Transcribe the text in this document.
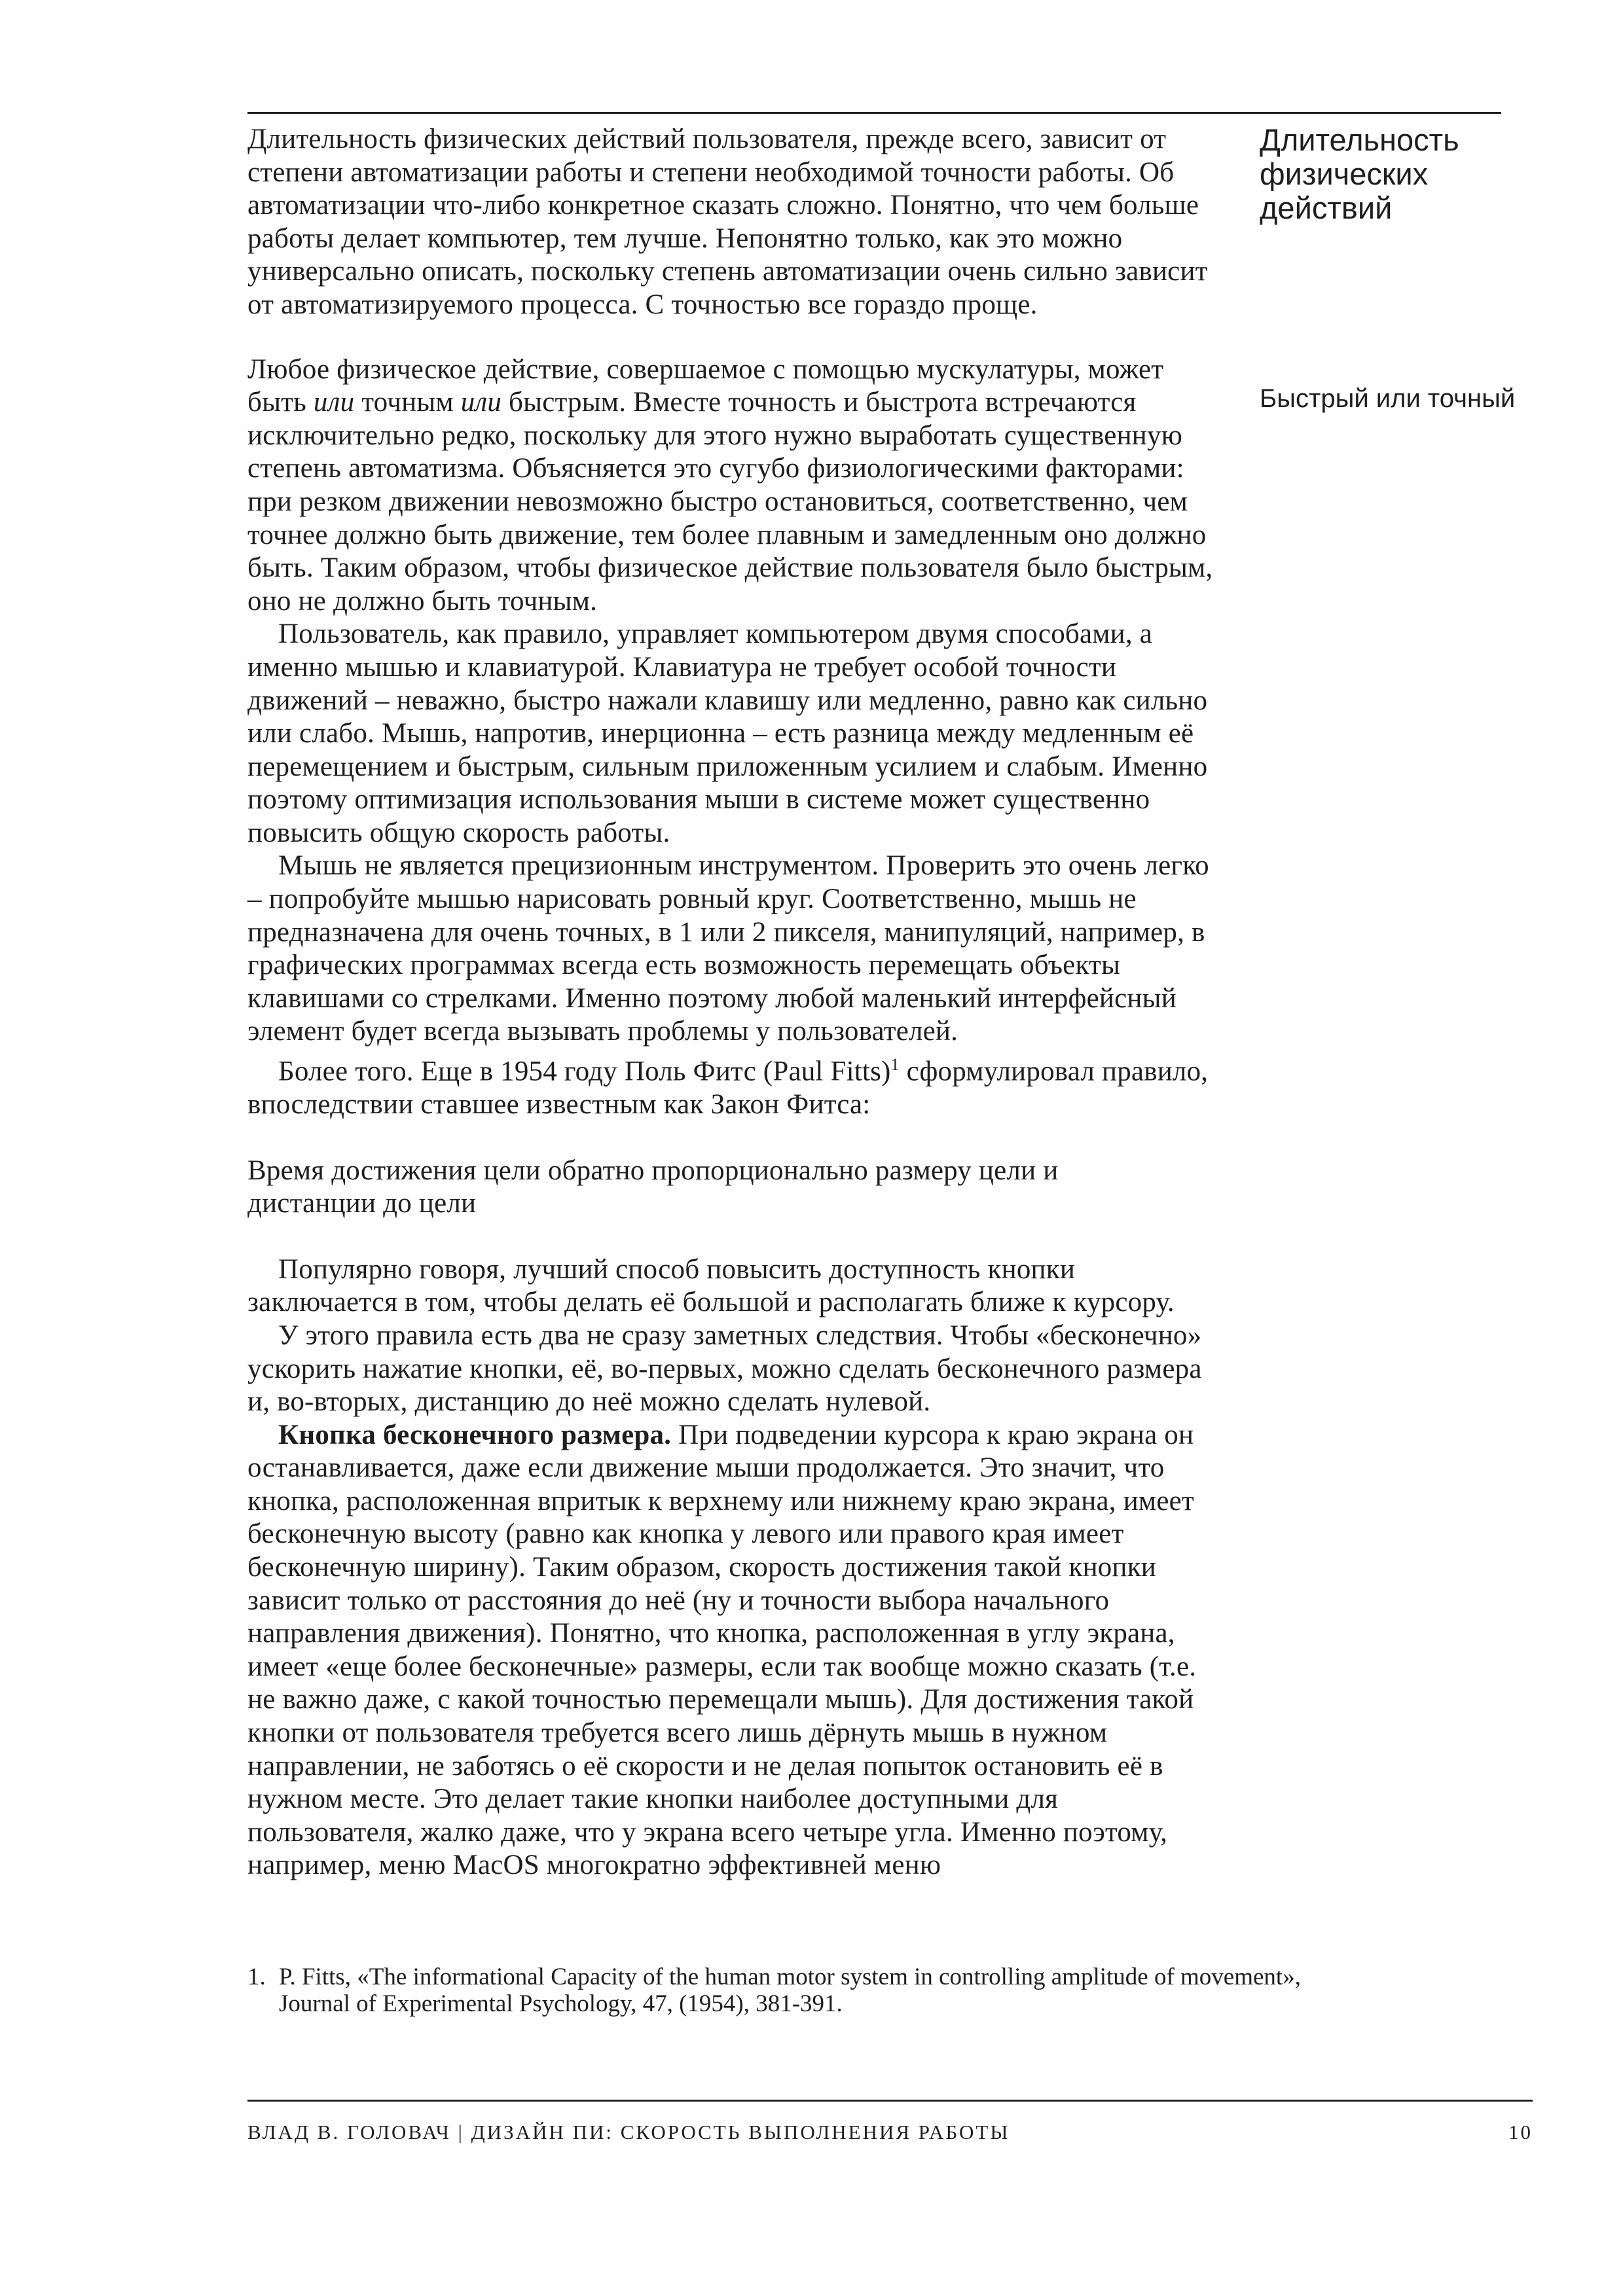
Длительность физических действий
Быстрый или точный

Длительность физических действий пользователя, прежде всего, зависит от степени автоматизации работы и степени необходимой точности работы. Об автоматизации что-либо конкретное сказать сложно. Понятно, что чем больше работы делает компьютер, тем лучше. Непонятно только, как это можно универсально описать, поскольку степень автоматизации очень сильно зависит от автоматизируемого процесса. С точностью все гораздо проще.

Любое физическое действие, совершаемое с помощью мускулатуры, может быть или точным или быстрым. Вместе точность и быстрота встречаются исключительно редко, поскольку для этого нужно выработать существенную степень автоматизма. Объясняется это сугубо физиологическими факторами: при резком движении невозможно быстро остановиться, соответственно, чем точнее должно быть движение, тем более плавным и замедленным оно должно быть. Таким образом, чтобы физическое действие пользователя было быстрым, оно не должно быть точным.

Пользователь, как правило, управляет компьютером двумя способами, а именно мышью и клавиатурой. Клавиатура не требует особой точности движений – неважно, быстро нажали клавишу или медленно, равно как сильно или слабо. Мышь, напротив, инерционна – есть разница между медленным её перемещением и быстрым, сильным приложенным усилием и слабым. Именно поэтому оптимизация использования мыши в системе может существенно повысить общую скорость работы.

Мышь не является прецизионным инструментом. Проверить это очень легко – попробуйте мышью нарисовать ровный круг. Соответственно, мышь не предназначена для очень точных, в 1 или 2 пикселя, манипуляций, например, в графических программах всегда есть возможность перемещать объекты клавишами со стрелками. Именно поэтому любой маленький интерфейсный элемент будет всегда вызывать проблемы у пользователей.

Более того. Еще в 1954 году Поль Фитс (Paul Fitts)$^1$ сформулировал правило, впоследствии ставшее известным как Закон Фитса:

Время достижения цели обратно пропорционально размеру цели и дистанции до цели

Популярно говоря, лучший способ повысить доступность кнопки заключается в том, чтобы делать её большой и располагать ближе к курсору.

У этого правила есть два не сразу заметных следствия. Чтобы «бесконечно» ускорить нажатие кнопки, её, во-первых, можно сделать бесконечного размера и, во-вторых, дистанцию до неё можно сделать нулевой.

Кнопка бесконечного размера. При подведении курсора к краю экрана он останавливается, даже если движение мыши продолжается. Это значит, что кнопка, расположенная впритык к верхнему или нижнему краю экрана, имеет бесконечную высоту (равно как кнопка у левого или правого края имеет бесконечную ширину). Таким образом, скорость достижения такой кнопки зависит только от расстояния до неё (ну и точности выбора начального направления движения). Понятно, что кнопка, расположенная в углу экрана, имеет «еще более бесконечные» размеры, если так вообще можно сказать (т.е. не важно даже, с какой точностью перемещали мышь). Для достижения такой кнопки от пользователя требуется всего лишь дёрнуть мышь в нужном направлении, не заботясь о её скорости и не делая попыток остановить её в нужном месте. Это делает такие кнопки наиболее доступными для пользователя, жалко даже, что у экрана всего четыре угла. Именно поэтому, например, меню MacOS многократно эффективней меню

1. P. Fitts, «The informational Capacity of the human motor system in controlling amplitude of movement», Journal of Experimental Psychology, 47, (1954), 381-391.
ВЛАД В. ГОЛОВАЧ | ДИЗАЙН ПИ: СКОРОСТЬ ВЫПОЛНЕНИЯ РАБОТЫ	10
